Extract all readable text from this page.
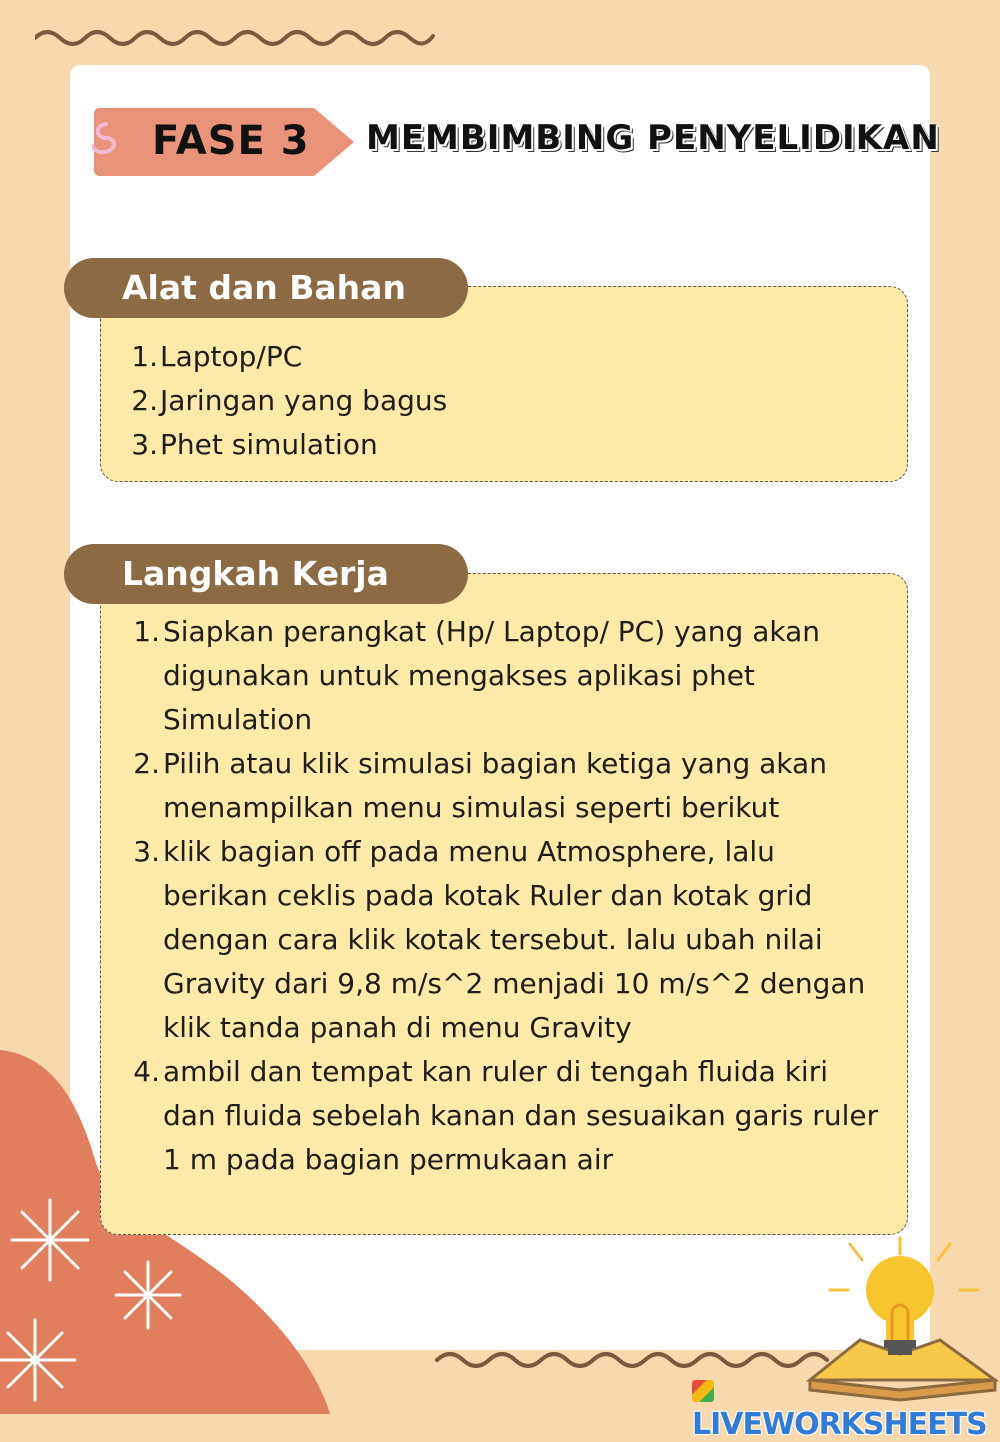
FASE 3 MEMBIMBING PENYELIDIKAN
Alat dan Bahan
1. Laptop/PC
2. Jaringan yang bagus
3. Phet simulation
Langkah Kerja
1. Siapkan perangkat (Hp/ Laptop/ PC) yang akan
digunakan untuk mengakses aplikasi phet
Simulation
2. Pilih atau klik simulasi bagian ketiga yang akan
menampilkan menu simulasi seperti berikut
3. klik bagian off pada menu Atmosphere, lalu
berikan ceklis pada kotak Ruler dan kotak grid
dengan cara klik kotak tersebut. lalu ubah nilai
Gravity dari 9,8 m/s^2 menjadi 10 m/s^2 dengan
klik tanda panah di menu Gravity
4. ambil dan tempat kan ruler di tengah fluida kiri
dan fluida sebelah kanan dan sesuaikan garis ruler
1 m pada bagian permukaan air
LIVEWORKSHEETS
